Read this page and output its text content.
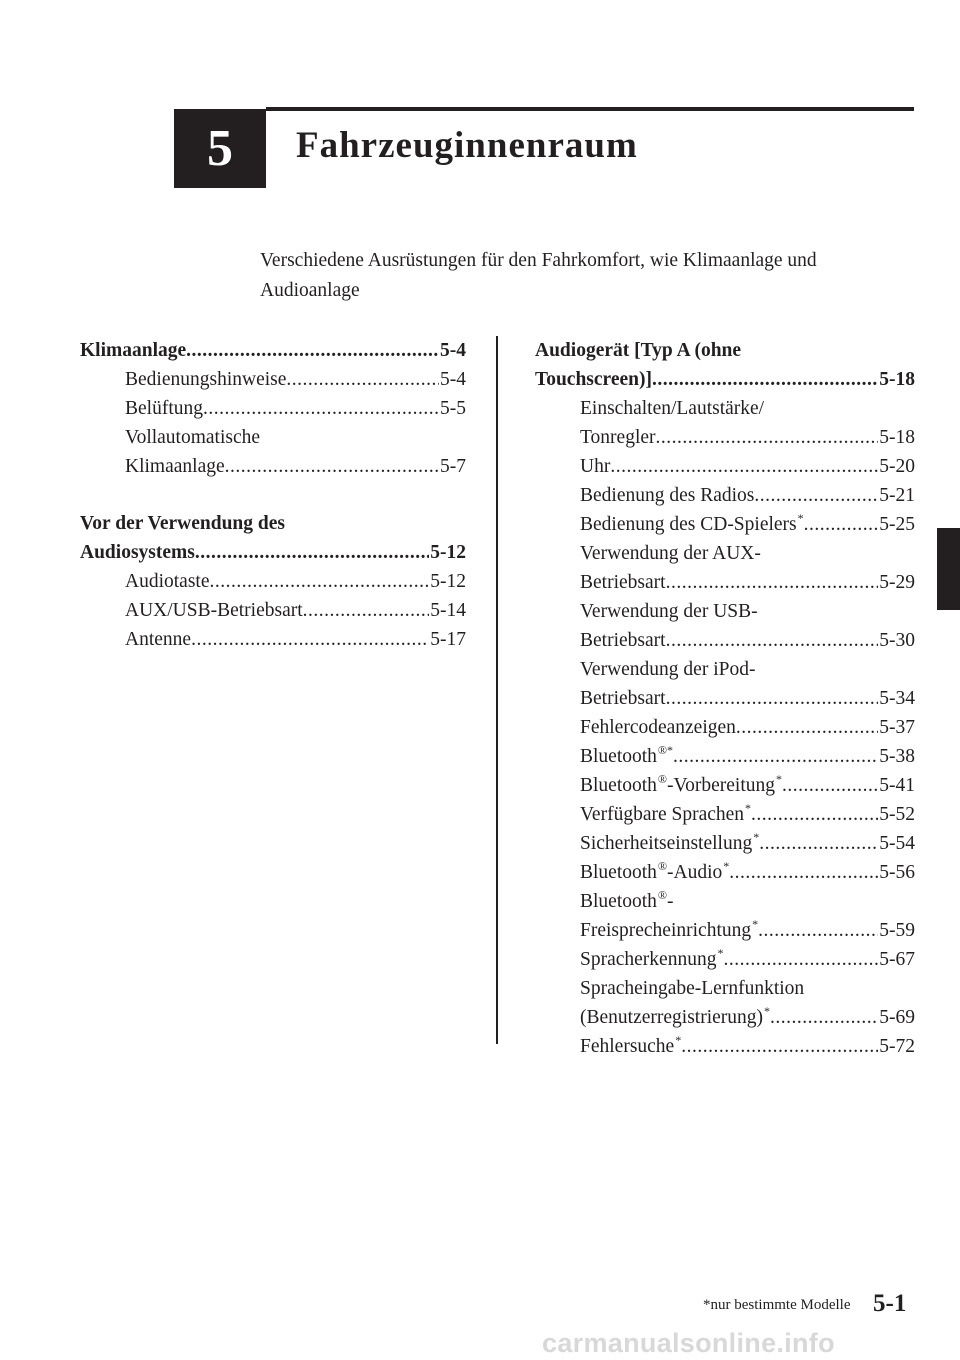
5	Fahrzeuginnenraum
Verschiedene Ausrüstungen für den Fahrkomfort, wie Klimaanlage und Audioanlage
Klimaanlage .....	5-4
Bedienungshinweise .....	5-4
Belüftung .....	5-5
Vollautomatische
Klimaanlage .....	5-7
Vor der Verwendung des
Audiosystems .....	5-12
Audiotaste .....	5-12
AUX/USB-Betriebsart .....	5-14
Antenne .....	5-17
Audiogerät [Typ A (ohne
Touchscreen)] .....	5-18
Einschalten/Lautstärke/
Tonregler .....	5-18
Uhr .....	5-20
Bedienung des Radios .....	5-21
Bedienung des CD-Spielers* .....	5-25
Verwendung der AUX-
Betriebsart .....	5-29
Verwendung der USB-
Betriebsart .....	5-30
Verwendung der iPod-
Betriebsart .....	5-34
Fehlercodeanzeigen .....	5-37
Bluetooth®* .....	5-38
Bluetooth®-Vorbereitung* .....	5-41
Verfügbare Sprachen* .....	5-52
Sicherheitseinstellung* .....	5-54
Bluetooth®-Audio* .....	5-56
Bluetooth®-
Freisprecheinrichtung* .....	5-59
Spracherkennung* .....	5-67
Spracheingabe-Lernfunktion
(Benutzerregistrierung)* .....	5-69
Fehlersuche* .....	5-72
*nur bestimmte Modelle 5-1
carmanualsonline.info
